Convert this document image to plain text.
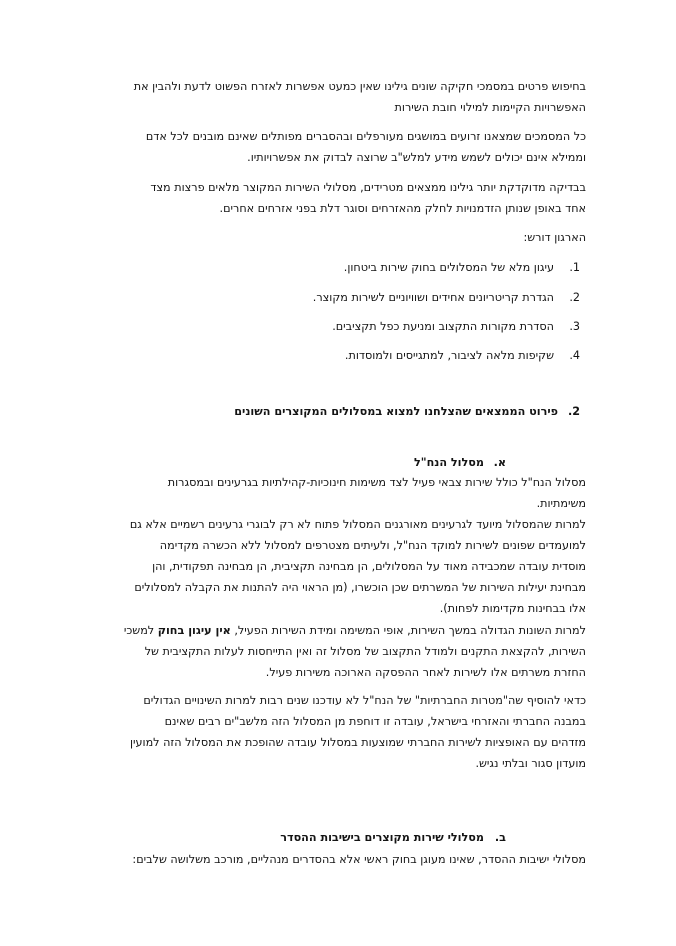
בחיפוש פרטים במסמכי חקיקה שונים גילינו שאין כמעט אפשרות לאזרח הפשוט לדעת ולהבין את
האפשרויות הקיימות למילוי חובת השירות
כל המסמכים שמצאנו זרועים במושגים מעורפלים ובהסברים מפותלים שאינם מובנים לכל אדם
וממילא אינם יכולים לשמש מידע למלש"ב שרוצה לבדוק את אפשרויותיו.
בבדיקה מדוקדקת יותר גילינו ממצאים מטרידים, מסלולי השירות המקוצר מלאים פרצות מצד
אחד באופן שנותן הזדמנויות לחלק מהאזרחים וסוגר דלת בפני אזרחים אחרים.
הארגון דורש:
1.עיגון מלא של המסלולים בחוק שירות ביטחון.
2.הגדרת קריטריונים אחידים ושוויוניים לשירות מקוצר.
3.הסדרת מקורות התקצוב ומניעת כפל תקציבים.
4.שקיפות מלאה לציבור, למתגייסים ולמוסדות.
2.פירוט הממצאים שהצלחנו למצוא במסלולים המקוצרים השונים
א.מסלול הנח"ל
מסלול הנח"ל כולל שירות צבאי פעיל לצד משימות חינוכיות-קהילתיות בגרעינים ובמסגרות
משימתיות.
למרות שהמסלול מיועד לגרעינים מאורגנים המסלול פתוח לא רק לבוגרי גרעינים רשמיים אלא גם
למועמדים שפונים לשירות למוקד הנח"ל, ולעיתים מצטרפים למסלול ללא הכשרה מקדימה
מוסדית עובדה שמכבידה מאוד על המסלולים, הן מבחינה תקציבית, הן מבחינה תפקודית, והן
מבחינת יעילות השירות של המשרתים שכן הוכשרו, (מן הראוי היה להתנות את הקבלה למסלולים
אלו בבחינות מקדימות לפחות).
למרות השונות הגדולה במשך השירות, אופי המשימה ומידת השירות הפעיל, אין עיגון בחוק למשכי
השירות, להקצאת התקנים ולמודל התקצוב של מסלול זה ואין התייחסות לעלות התקציבית של
החזרת משרתים אלו לשירות לאחר ההפסקה הארוכה משירות פעיל.
כדאי להוסיף שה"מטרות החברתיות" של הנח"ל לא עודכנו שנים רבות למרות השינויים הגדולים
במבנה החברתי והאזרחי בישראל, עובדה זו דוחפת מן המסלול הזה מלשב"ים רבים שאינם
מזדהים עם האופציות לשירות החברתי שמוצעות במסלול עובדה שהופכת את המסלול הזה למועין
מועדון סגור ובלתי נגיש.
ב.מסלולי שירות מקוצרים בישיבות ההסדר
מסלולי ישיבות ההסדר, שאינו מעוגן בחוק ראשי אלא בהסדרים מנהליים, מורכב משלושה שלבים:
